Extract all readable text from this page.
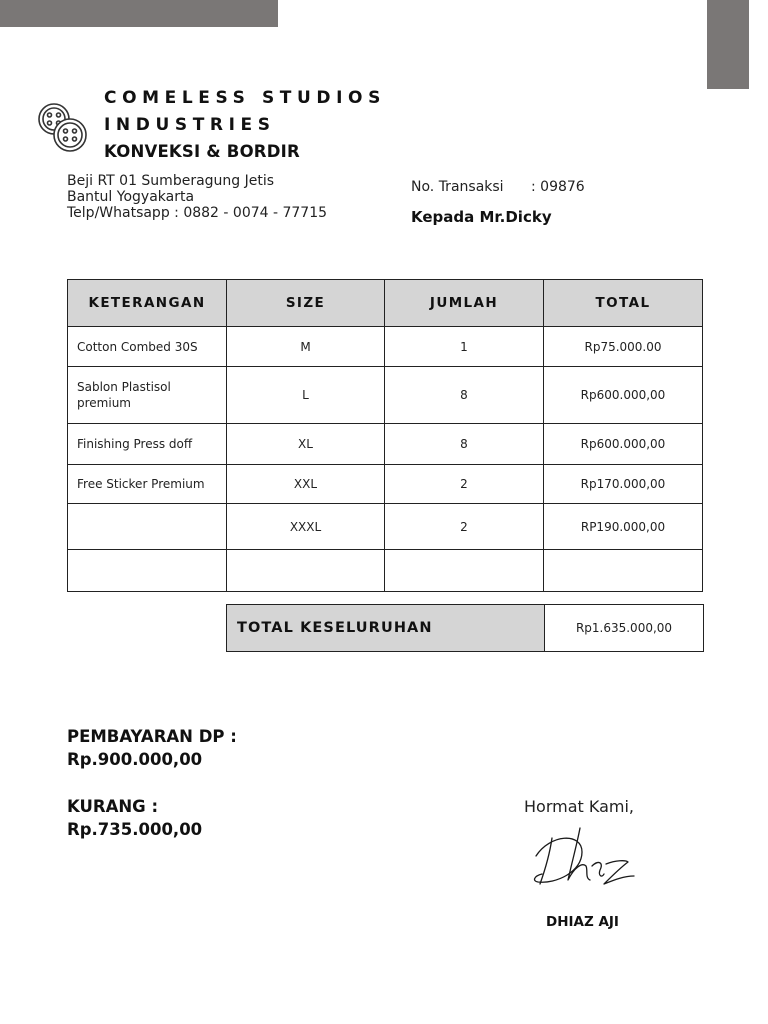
COMELESS STUDIOS
INDUSTRIES
KONVEKSI & BORDIR
Beji RT 01 Sumberagung Jetis
Bantul Yogyakarta
Telp/Whatsapp : 0882 - 0074 - 77715
No. Transaksi : 09876
Kepada Mr.Dicky
KETERANGAN	SIZE	JUMLAH	TOTAL
Cotton Combed 30S	M	1	Rp75.000.00
Sablon Plastisol premium	L	8	Rp600.000,00
Finishing Press doff	XL	8	Rp600.000,00
Free Sticker Premium	XXL	2	Rp170.000,00
	XXXL	2	RP190.000,00

TOTAL KESELURUHAN	Rp1.635.000,00
PEMBAYARAN DP :
Rp.900.000,00
KURANG :
Rp.735.000,00
Hormat Kami,
DHIAZ AJI
